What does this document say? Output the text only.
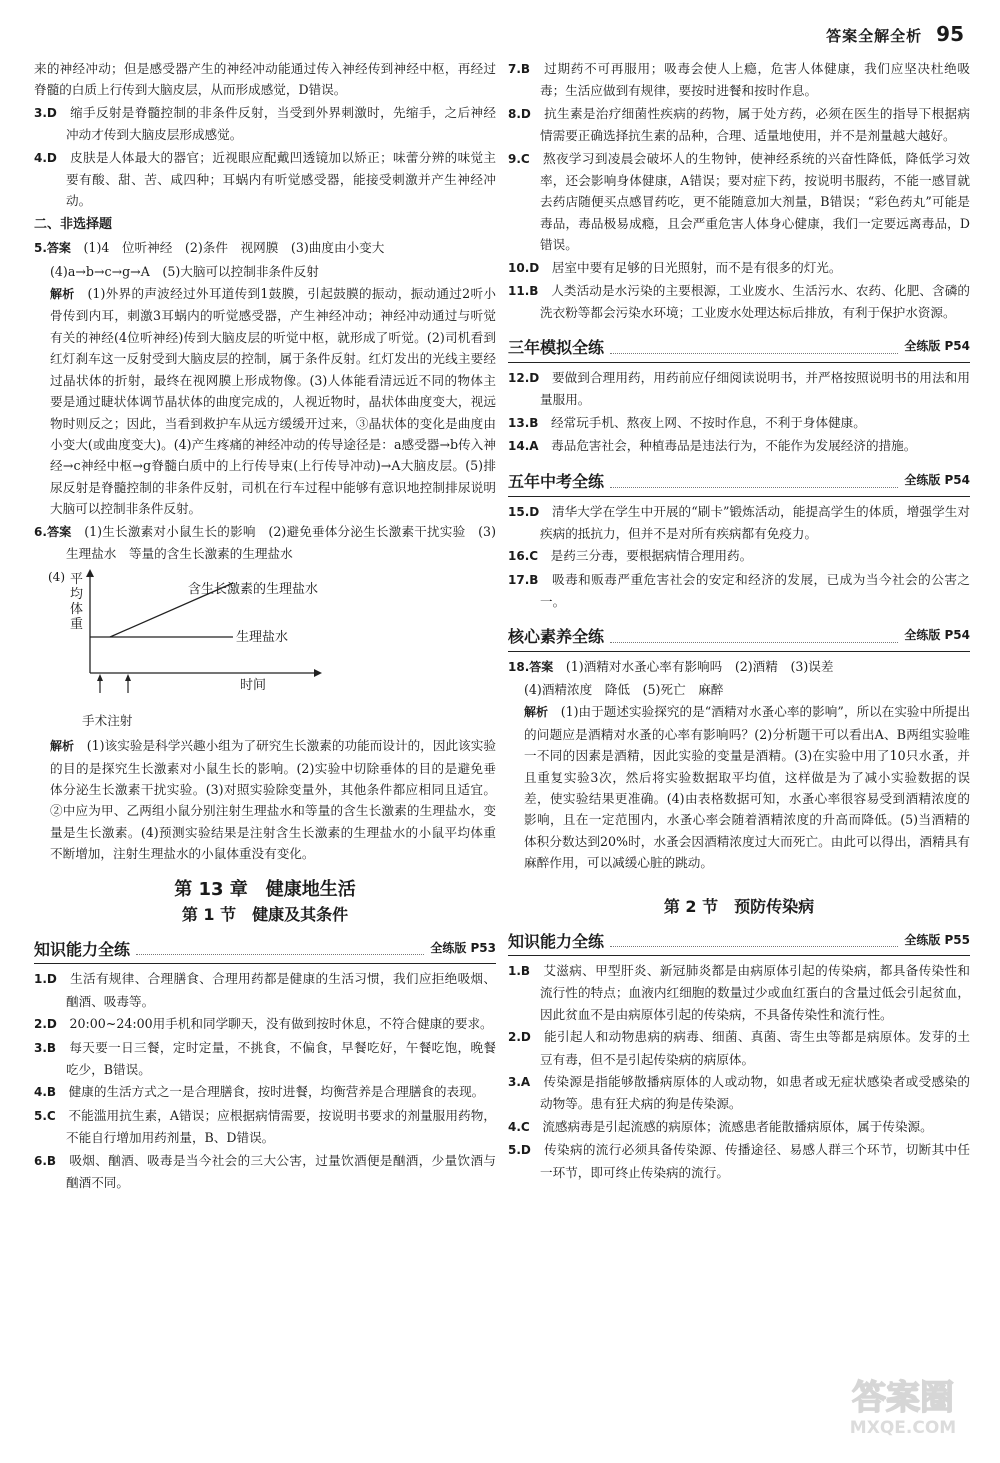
答案全解全析 95

来的神经冲动；但是感受器产生的神经冲动能通过传入神经传到神经中枢，再经过脊髓的白质上行传到大脑皮层，从而形成感觉，D错误。

3.D　 缩手反射是脊髓控制的非条件反射，当受到外界刺激时，先缩手，之后神经冲动才传到大脑皮层形成感觉。

4.D　 皮肤是人体最大的器官；近视眼应配戴凹透镜加以矫正；味蕾分辨的味觉主要有酸、甜、苦、咸四种；耳蜗内有听觉感受器，能接受刺激并产生神经冲动。

二、非选择题

5.答案　 (1)4　位听神经　(2)条件　视网膜　(3)曲度由小变大

(4)a→b→c→g→A　(5)大脑可以控制非条件反射

解析　 (1)外界的声波经过外耳道传到1鼓膜，引起鼓膜的振动，振动通过2听小骨传到内耳，刺激3耳蜗内的听觉感受器，产生神经冲动；神经冲动通过与听觉有关的神经(4位听神经)传到大脑皮层的听觉中枢，就形成了听觉。(2)司机看到红灯刹车这一反射受到大脑皮层的控制，属于条件反射。红灯发出的光线主要经过晶状体的折射，最终在视网膜上形成物像。(3)人体能看清远近不同的物体主要是通过睫状体调节晶状体的曲度完成的，人视近物时，晶状体曲度变大，视远物时则反之；因此，当看到救护车从远方缓缓开过来，③晶状体的变化是曲度由小变大(或曲度变大)。(4)产生疼痛的神经冲动的传导途径是：a感受器→b传入神经→c神经中枢→g脊髓白质中的上行传导束(上行传导冲动)→A大脑皮层。(5)排尿反射是脊髓控制的非条件反射，司机在行车过程中能够有意识地控制排尿说明大脑可以控制非条件反射。

6.答案　 (1)生长激素对小鼠生长的影响　(2)避免垂体分泌生长激素干扰实验　(3)生理盐水　等量的含生长激素的生理盐水

(4) 平均体重
含生长激素的生理盐水
生理盐水
时间

手术注射

解析　 (1)该实验是科学兴趣小组为了研究生长激素的功能而设计的，因此该实验的目的是探究生长激素对小鼠生长的影响。(2)实验中切除垂体的目的是避免垂体分泌生长激素干扰实验。(3)对照实验除变量外，其他条件都应相同且适宜。②中应为甲、乙两组小鼠分别注射生理盐水和等量的含生长激素的生理盐水，变量是生长激素。(4)预测实验结果是注射含生长激素的生理盐水的小鼠平均体重不断增加，注射生理盐水的小鼠体重没有变化。

第 13 章　健康地生活
第 1 节　健康及其条件
知识能力全练	全练版 P53

1.D　 生活有规律、合理膳食、合理用药都是健康的生活习惯，我们应拒绝吸烟、酗酒、吸毒等。

2.D　 20:00~24:00用手机和同学聊天，没有做到按时休息，不符合健康的要求。

3.B　 每天要一日三餐，定时定量，不挑食，不偏食，早餐吃好，午餐吃饱，晚餐吃少，B错误。

4.B　 健康的生活方式之一是合理膳食，按时进餐，均衡营养是合理膳食的表现。

5.C　 不能滥用抗生素，A错误；应根据病情需要，按说明书要求的剂量服用药物，不能自行增加用药剂量，B、D错误。

6.B　 吸烟、酗酒、吸毒是当今社会的三大公害，过量饮酒便是酗酒，少量饮酒与酗酒不同。

7.B　 过期药不可再服用；吸毒会使人上瘾，危害人体健康，我们应坚决杜绝吸毒；生活应做到有规律，要按时进餐和按时作息。

8.D　 抗生素是治疗细菌性疾病的药物，属于处方药，必须在医生的指导下根据病情需要正确选择抗生素的品种，合理、适量地使用，并不是剂量越大越好。

9.C　 熬夜学习到凌晨会破坏人的生物钟，使神经系统的兴奋性降低，降低学习效率，还会影响身体健康，A错误；要对症下药，按说明书服药，不能一感冒就去药店随便买点感冒药吃，更不能随意加大剂量，B错误；“彩色药丸”可能是毒品，毒品极易成瘾，且会严重危害人体身心健康，我们一定要远离毒品，D错误。

10.D　 居室中要有足够的日光照射，而不是有很多的灯光。

11.B　 人类活动是水污染的主要根源，工业废水、生活污水、农药、化肥、含磷的洗衣粉等都会污染水环境；工业废水处理达标后排放，有利于保护水资源。

三年模拟全练	全练版 P54

12.D　 要做到合理用药，用药前应仔细阅读说明书，并严格按照说明书的用法和用量服用。

13.B　 经常玩手机、熬夜上网、不按时作息，不利于身体健康。

14.A　 毒品危害社会，种植毒品是违法行为，不能作为发展经济的措施。

五年中考全练	全练版 P54

15.D　 清华大学在学生中开展的“刷卡”锻炼活动，能提高学生的体质，增强学生对疾病的抵抗力，但并不是对所有疾病都有免疫力。

16.C　 是药三分毒，要根据病情合理用药。

17.B　 吸毒和贩毒严重危害社会的安定和经济的发展，已成为当今社会的公害之一。

核心素养全练	全练版 P54

18.答案　 (1)酒精对水蚤心率有影响吗　(2)酒精　(3)误差

(4)酒精浓度　降低　(5)死亡　麻醉

解析　 (1)由于题述实验探究的是“酒精对水蚤心率的影响”，所以在实验中所提出的问题应是酒精对水蚤的心率有影响吗？(2)分析题干可以看出A、B两组实验唯一不同的因素是酒精，因此实验的变量是酒精。(3)在实验中用了10只水蚤，并且重复实验3次，然后将实验数据取平均值，这样做是为了减小实验数据的误差，使实验结果更准确。(4)由表格数据可知，水蚤心率很容易受到酒精浓度的影响，且在一定范围内，水蚤心率会随着酒精浓度的升高而降低。(5)当酒精的体积分数达到20%时，水蚤会因酒精浓度过大而死亡。由此可以得出，酒精具有麻醉作用，可以减缓心脏的跳动。

第 2 节　预防传染病
知识能力全练	全练版 P55

1.B　 艾滋病、甲型肝炎、新冠肺炎都是由病原体引起的传染病，都具备传染性和流行性的特点；血液内红细胞的数量过少或血红蛋白的含量过低会引起贫血，因此贫血不是由病原体引起的传染病，不具备传染性和流行性。

2.D　 能引起人和动物患病的病毒、细菌、真菌、寄生虫等都是病原体。发芽的土豆有毒，但不是引起传染病的病原体。

3.A　 传染源是指能够散播病原体的人或动物，如患者或无症状感染者或受感染的动物等。患有狂犬病的狗是传染源。

4.C　 流感病毒是引起流感的病原体；流感患者能散播病原体，属于传染源。

5.D　 传染病的流行必须具备传染源、传播途径、易感人群三个环节，切断其中任一环节，即可终止传染病的流行。

答案圈
MXQE.COM
